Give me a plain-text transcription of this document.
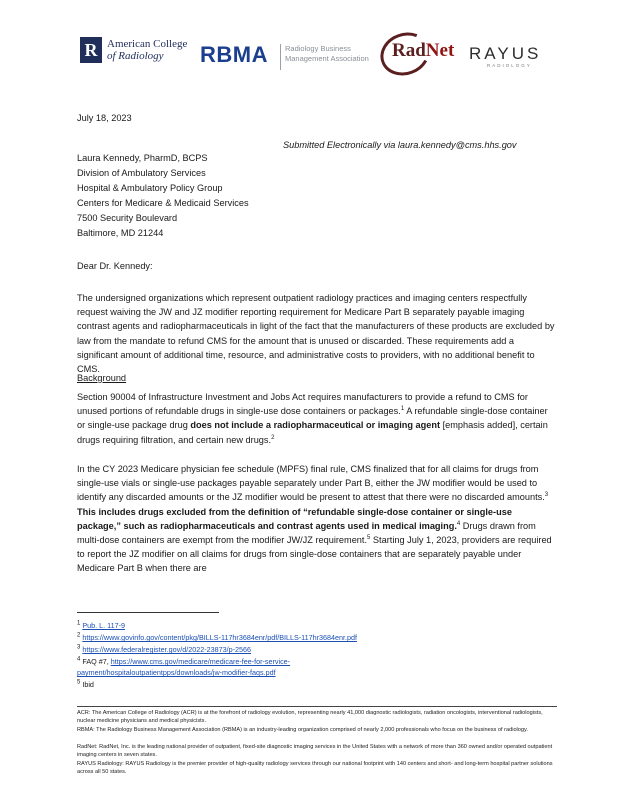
R American College
of Radiology	RBMA Radiology Business
Management Association RadNet RAYUS
RADIOLOGY
July 18, 2023
Submitted Electronically via laura.kennedy@cms.hhs.gov
Laura Kennedy, PharmD, BCPS
Division of Ambulatory Services
Hospital & Ambulatory Policy Group
Centers for Medicare & Medicaid Services
7500 Security Boulevard
Baltimore, MD 21244
Dear Dr. Kennedy:
The undersigned organizations which represent outpatient radiology practices and imaging centers respectfully request waiving the JW and JZ modifier reporting requirement for Medicare Part B separately payable imaging contrast agents and radiopharmaceuticals in light of the fact that the manufacturers of these products are excluded by law from the mandate to refund CMS for the amount that is unused or discarded. These requirements add a significant amount of additional time, resource, and administrative costs to providers, with no additional benefit to CMS.
Background
Section 90004 of Infrastructure Investment and Jobs Act requires manufacturers to provide a refund to CMS for unused portions of refundable drugs in single-use dose containers or packages.$^1$ A refundable single-dose container or single-use package drug does not include a radiopharmaceutical or imaging agent [emphasis added], certain drugs requiring filtration, and certain new drugs.$^2$
In the CY 2023 Medicare physician fee schedule (MPFS) final rule, CMS finalized that for all claims for drugs from single-use vials or single-use packages payable separately under Part B, either the JW modifier would be used to identify any discarded amounts or the JZ modifier would be present to attest that there were no discarded amounts.$^3$ This includes drugs excluded from the definition of “refundable single-dose container or single-use package,” such as radiopharmaceuticals and contrast agents used in medical imaging.$^4$ Drugs drawn from multi-dose containers are exempt from the modifier JW/JZ requirement.$^5$ Starting July 1, 2023, providers are required to report the JZ modifier on all claims for drugs from single-dose containers that are separately payable under Medicare Part B when there are
$^1$ Pub. L. 117-9
$^2$ https://www.govinfo.gov/content/pkg/BILLS-117hr3684enr/pdf/BILLS-117hr3684enr.pdf
$^3$ https://www.federalregister.gov/d/2022-23873/p-2566
$^4$ FAQ #7, https://www.cms.gov/medicare/medicare-fee-for-service-
payment/hospitaloutpatientpps/downloads/jw-modifier-faqs.pdf
$^5$ Ibid
ACR: The American College of Radiology (ACR) is at the forefront of radiology evolution, representing nearly 41,000 diagnostic radiologists, radiation oncologists, interventional radiologists, nuclear medicine physicians and medical physicists.
RBMA: The Radiology Business Management Association (RBMA) is an industry-leading organization comprised of nearly 2,000 professionals who focus on the business of radiology.
RadNet: RadNet, Inc. is the leading national provider of outpatient, fixed-site diagnostic imaging services in the United States with a network of more than 360 owned and/or operated outpatient imaging centers in seven states.
RAYUS Radiology: RAYUS Radiology is the premier provider of high-quality radiology services through our national footprint with 140 centers and short- and long-term hospital partner solutions across all 50 states.
